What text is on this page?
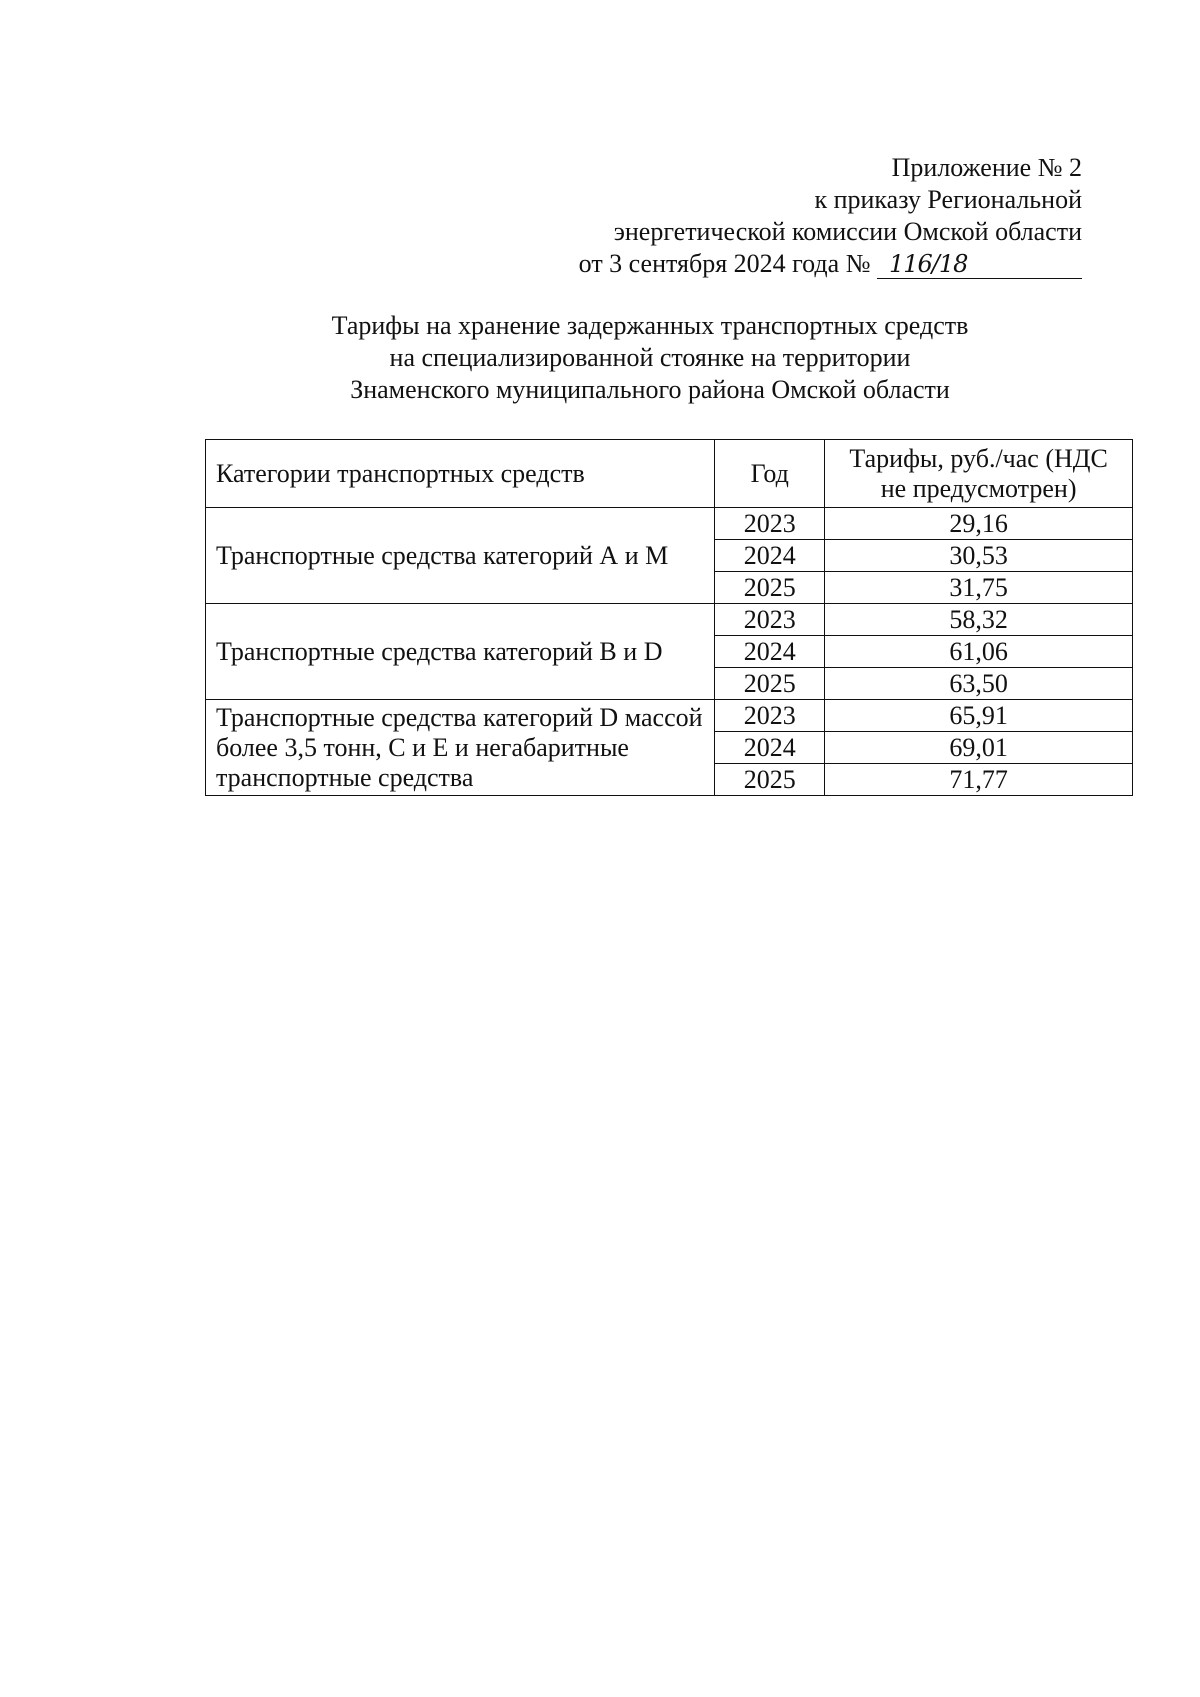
Приложение № 2
к приказу Региональной
энергетической комиссии Омской области
от 3 сентября 2024 года № 116/18
Тарифы на хранение задержанных транспортных средств
на специализированной стоянке на территории
Знаменского муниципального района Омской области
Категории транспортных средств	Год	Тарифы, руб./час (НДС не предусмотрен)
Транспортные средства категорий А и М	2023	29,16
	2024	30,53
	2025	31,75
Транспортные средства категорий В и D	2023	58,32
	2024	61,06
	2025	63,50
Транспортные средства категорий D массой более 3,5 тонн, С и Е и негабаритные транспортные средства	2023	65,91
	2024	69,01
	2025	71,77
